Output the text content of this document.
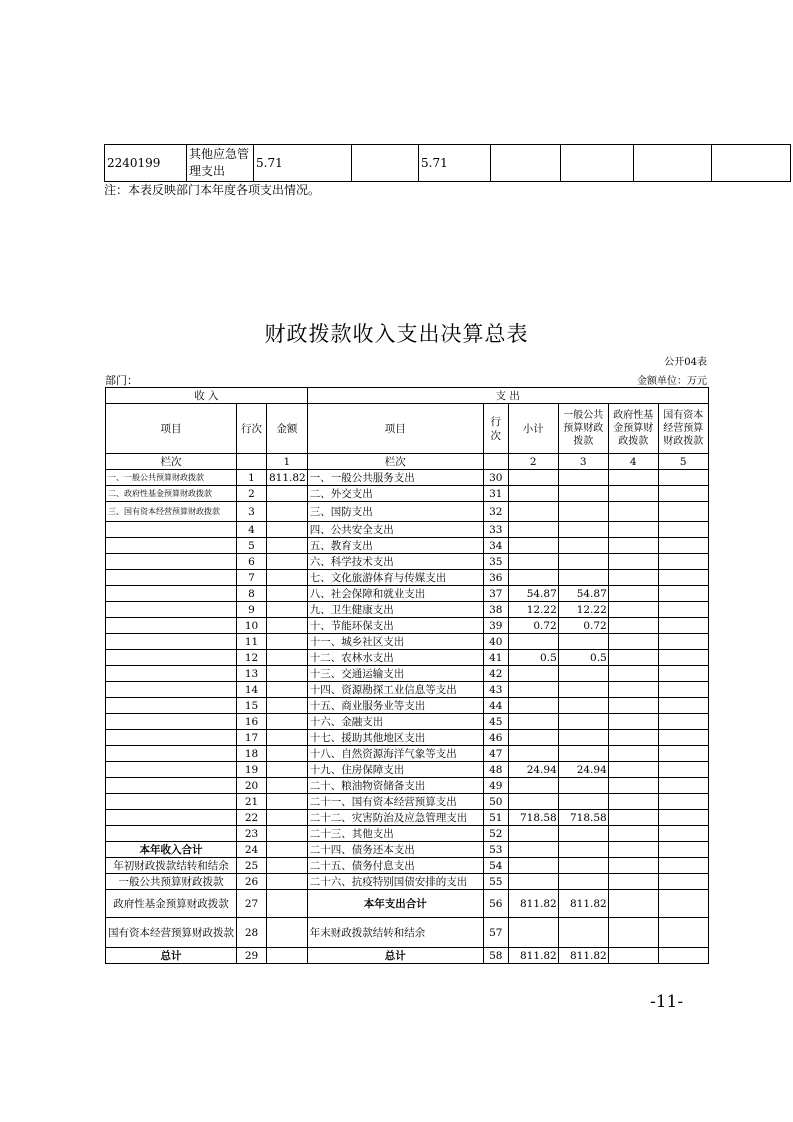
2240199	其他应急管理支出	5.71		5.71				
注：本表反映部门本年度各项支出情况。
财政拨款收入支出决算总表
公开04表
部门：	金额单位：万元
收 入			支 出					
项目	行次	金额	项目	行次	小计	一般公共预算财政拨款	政府性基金预算财政拨款	国有资本经营预算财政拨款
栏次		1	栏次		2	3	4	5
一、一般公共预算财政拨款	1	811.82	一、一般公共服务支出	30				
二、政府性基金预算财政拨款	2		二、外交支出	31				
三、国有资本经营预算财政拨款	3		三、国防支出	32				
	4		四、公共安全支出	33				
	5		五、教育支出	34				
	6		六、科学技术支出	35				
	7		七、文化旅游体育与传媒支出	36				
	8		八、社会保障和就业支出	37	54.87	54.87		
	9		九、卫生健康支出	38	12.22	12.22		
	10		十、节能环保支出	39	0.72	0.72		
	11		十一、城乡社区支出	40				
	12		十二、农林水支出	41	0.5	0.5		
	13		十三、交通运输支出	42				
	14		十四、资源勘探工业信息等支出	43				
	15		十五、商业服务业等支出	44				
	16		十六、金融支出	45				
	17		十七、援助其他地区支出	46				
	18		十八、自然资源海洋气象等支出	47				
	19		十九、住房保障支出	48	24.94	24.94		
	20		二十、粮油物资储备支出	49				
	21		二十一、国有资本经营预算支出	50				
	22		二十二、灾害防治及应急管理支出	51	718.58	718.58		
	23		二十三、其他支出	52				
本年收入合计	24		二十四、债务还本支出	53				
年初财政拨款结转和结余	25		二十五、债务付息支出	54				
一般公共预算财政拨款	26		二十六、抗疫特别国债安排的支出	55				
政府性基金预算财政拨款	27		本年支出合计	56	811.82	811.82		
国有资本经营预算财政拨款	28		年末财政拨款结转和结余	57				
总计	29		总计	58	811.82	811.82		
-11-
